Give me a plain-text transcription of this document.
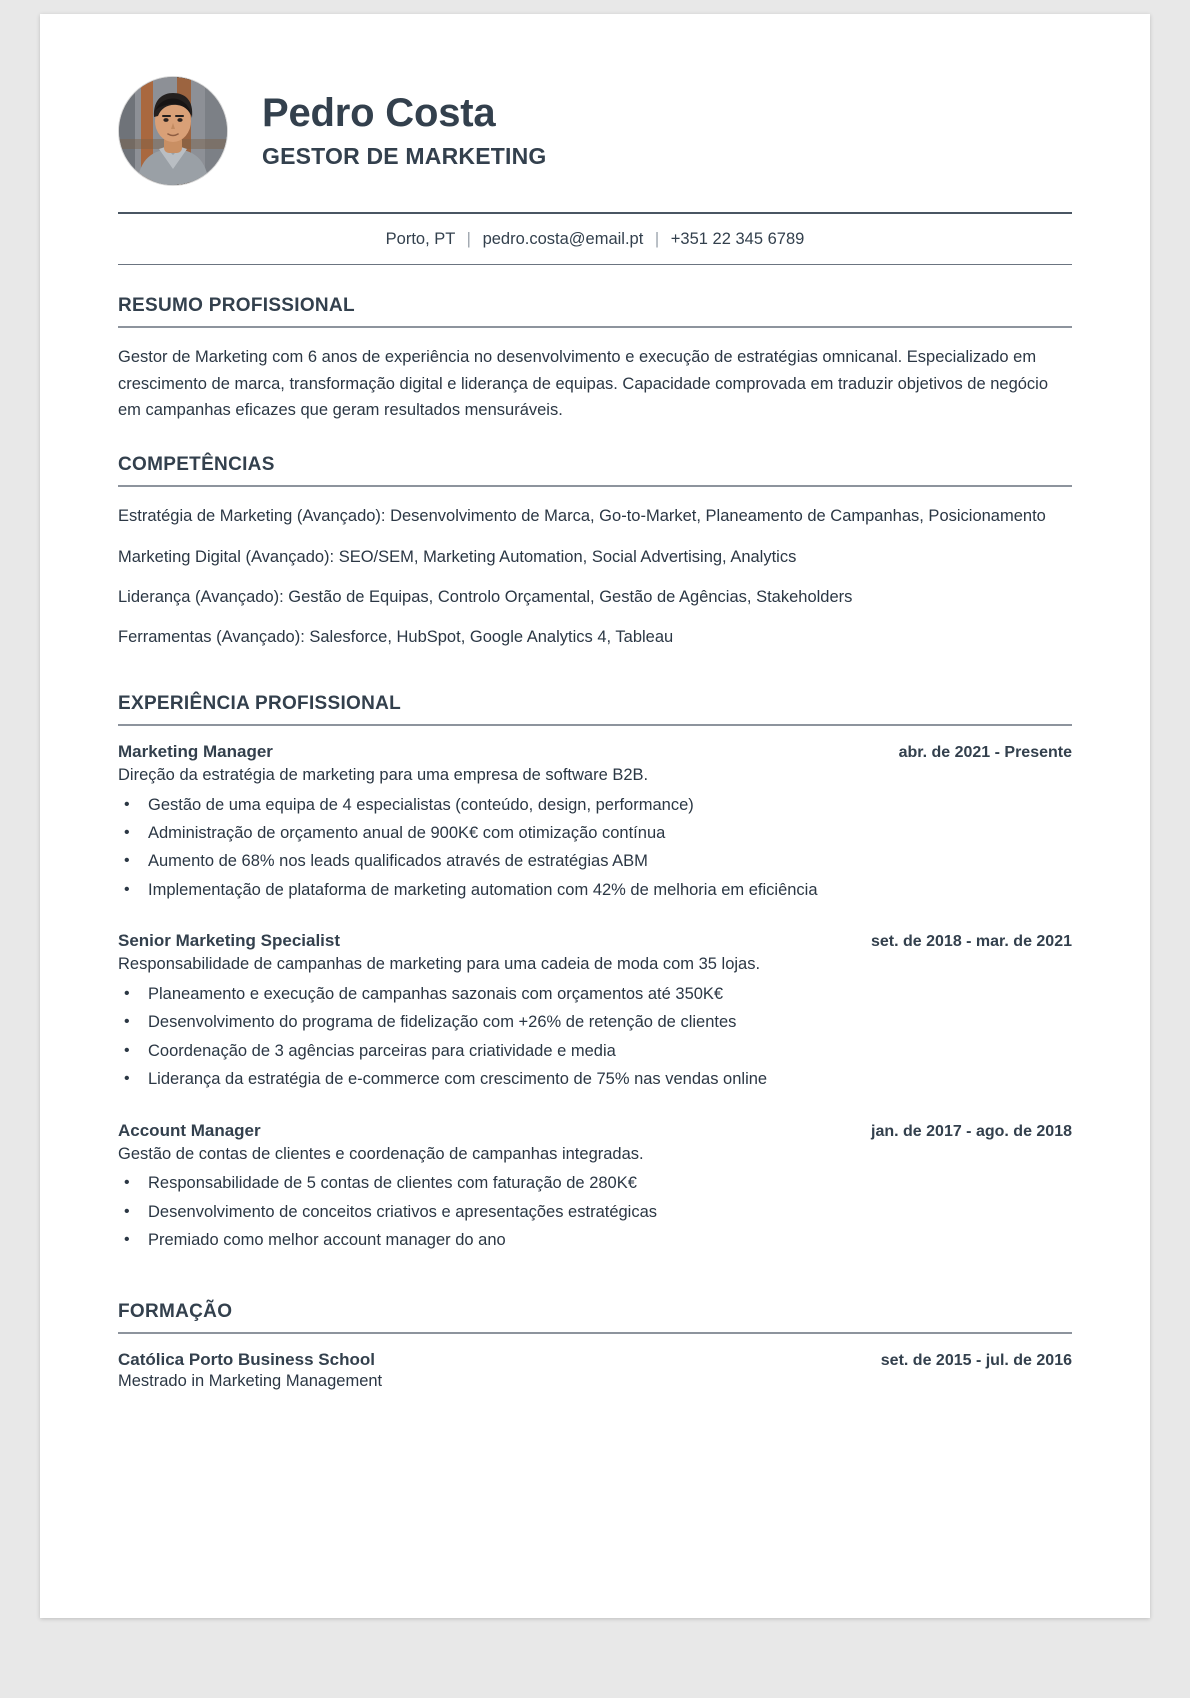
Pedro Costa
GESTOR DE MARKETING
Porto, PT | pedro.costa@email.pt | +351 22 345 6789
RESUMO PROFISSIONAL

Gestor de Marketing com 6 anos de experiência no desenvolvimento e execução de estratégias omnicanal. Especializado em crescimento de marca, transformação digital e liderança de equipas. Capacidade comprovada em traduzir objetivos de negócio em campanhas eficazes que geram resultados mensuráveis.

COMPETÊNCIAS

Estratégia de Marketing (Avançado): Desenvolvimento de Marca, Go-to-Market, Planeamento de Campanhas, Posicionamento

Marketing Digital (Avançado): SEO/SEM, Marketing Automation, Social Advertising, Analytics

Liderança (Avançado): Gestão de Equipas, Controlo Orçamental, Gestão de Agências, Stakeholders

Ferramentas (Avançado): Salesforce, HubSpot, Google Analytics 4, Tableau

EXPERIÊNCIA PROFISSIONAL
Marketing Manager	abr. de 2021 - Presente
Direção da estratégia de marketing para uma empresa de software B2B.
• Gestão de uma equipa de 4 especialistas (conteúdo, design, performance)
• Administração de orçamento anual de 900K€ com otimização contínua
• Aumento de 68% nos leads qualificados através de estratégias ABM
• Implementação de plataforma de marketing automation com 42% de melhoria em eficiência
Senior Marketing Specialist	set. de 2018 - mar. de 2021
Responsabilidade de campanhas de marketing para uma cadeia de moda com 35 lojas.
• Planeamento e execução de campanhas sazonais com orçamentos até 350K€
• Desenvolvimento do programa de fidelização com +26% de retenção de clientes
• Coordenação de 3 agências parceiras para criatividade e media
• Liderança da estratégia de e-commerce com crescimento de 75% nas vendas online
Account Manager	jan. de 2017 - ago. de 2018
Gestão de contas de clientes e coordenação de campanhas integradas.
• Responsabilidade de 5 contas de clientes com faturação de 280K€
• Desenvolvimento de conceitos criativos e apresentações estratégicas
• Premiado como melhor account manager do ano
FORMAÇÃO
Católica Porto Business School	set. de 2015 - jul. de 2016
Mestrado in Marketing Management
